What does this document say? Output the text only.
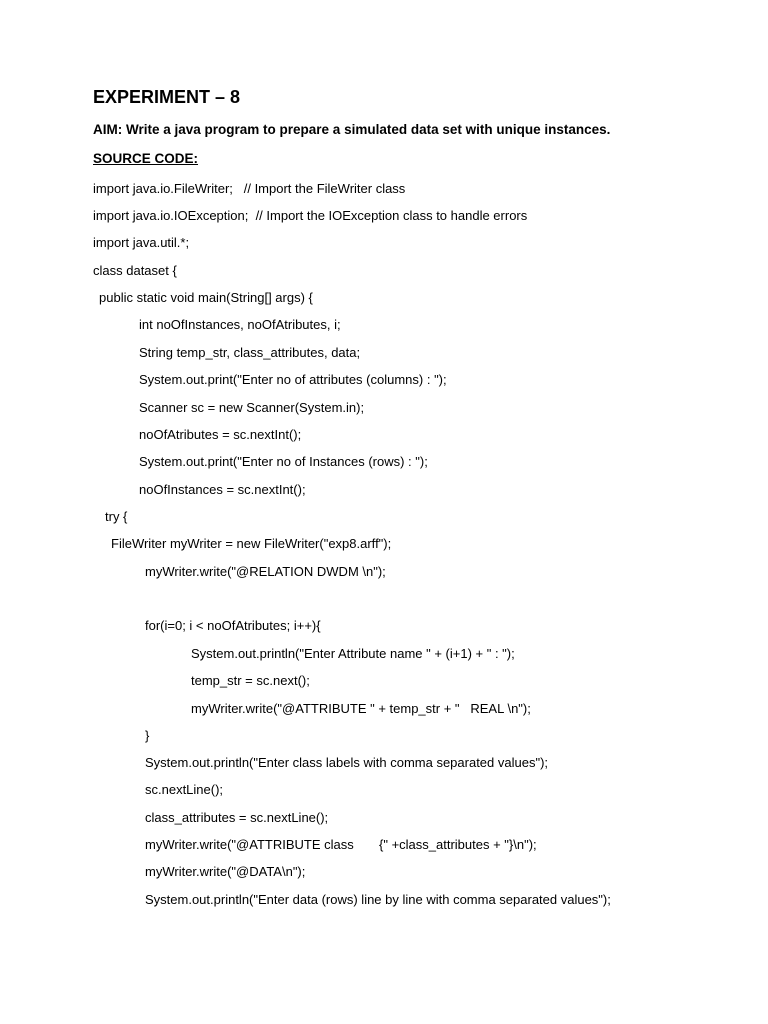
EXPERIMENT – 8
AIM: Write a java program to prepare a simulated data set with unique instances.
SOURCE CODE:
import java.io.FileWriter;   // Import the FileWriter class
import java.io.IOException;  // Import the IOException class to handle errors
import java.util.*;
class dataset {
public static void main(String[] args) {
int noOfInstances, noOfAtributes, i;
String temp_str, class_attributes, data;
System.out.print("Enter no of attributes (columns) : ");
Scanner sc = new Scanner(System.in);
noOfAtributes = sc.nextInt();
System.out.print("Enter no of Instances (rows) : ");
noOfInstances = sc.nextInt();
try {
FileWriter myWriter = new FileWriter("exp8.arff");
myWriter.write("@RELATION DWDM \n");
for(i=0; i < noOfAtributes; i++){
System.out.println("Enter Attribute name " + (i+1) + " : ");
temp_str = sc.next();
myWriter.write("@ATTRIBUTE " + temp_str + "   REAL \n");
}
System.out.println("Enter class labels with comma separated values");
sc.nextLine();
class_attributes = sc.nextLine();
myWriter.write("@ATTRIBUTE class       {" +class_attributes + "}\n");
myWriter.write("@DATA\n");
System.out.println("Enter data (rows) line by line with comma separated values");
